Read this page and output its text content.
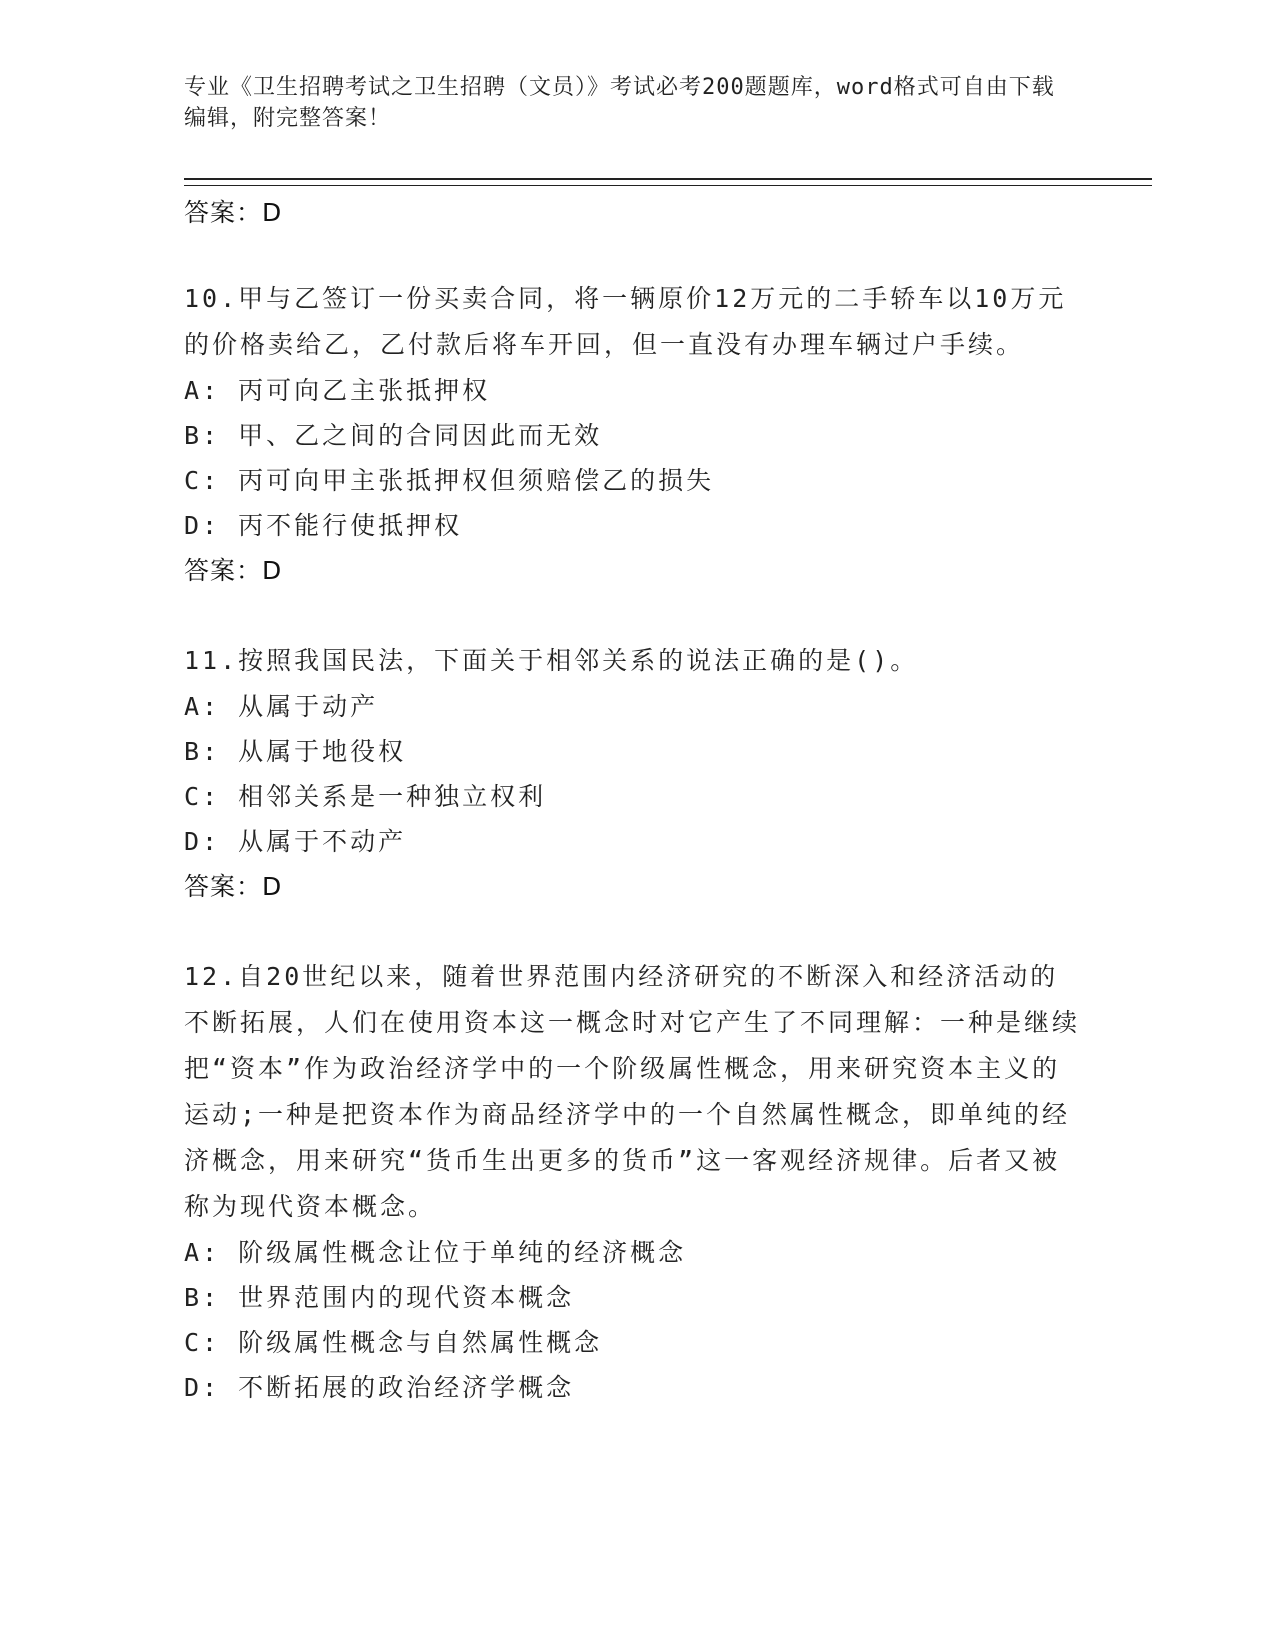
专业《卫生招聘考试之卫生招聘（文员）》考试必考200题题库，word格式可自由下载编辑，附完整答案！
答案：D
10.甲与乙签订一份买卖合同，将一辆原价12万元的二手轿车以10万元的价格卖给乙，乙付款后将车开回，但一直没有办理车辆过户手续。
A: 丙可向乙主张抵押权
B: 甲、乙之间的合同因此而无效
C: 丙可向甲主张抵押权但须赔偿乙的损失
D: 丙不能行使抵押权
答案：D
11.按照我国民法，下面关于相邻关系的说法正确的是()。
A: 从属于动产
B: 从属于地役权
C: 相邻关系是一种独立权利
D: 从属于不动产
答案：D
12.自20世纪以来，随着世界范围内经济研究的不断深入和经济活动的不断拓展，人们在使用资本这一概念时对它产生了不同理解：一种是继续把“资本”作为政治经济学中的一个阶级属性概念，用来研究资本主义的运动;一种是把资本作为商品经济学中的一个自然属性概念，即单纯的经济概念，用来研究“货币生出更多的货币”这一客观经济规律。后者又被称为现代资本概念。
A: 阶级属性概念让位于单纯的经济概念
B: 世界范围内的现代资本概念
C: 阶级属性概念与自然属性概念
D: 不断拓展的政治经济学概念
